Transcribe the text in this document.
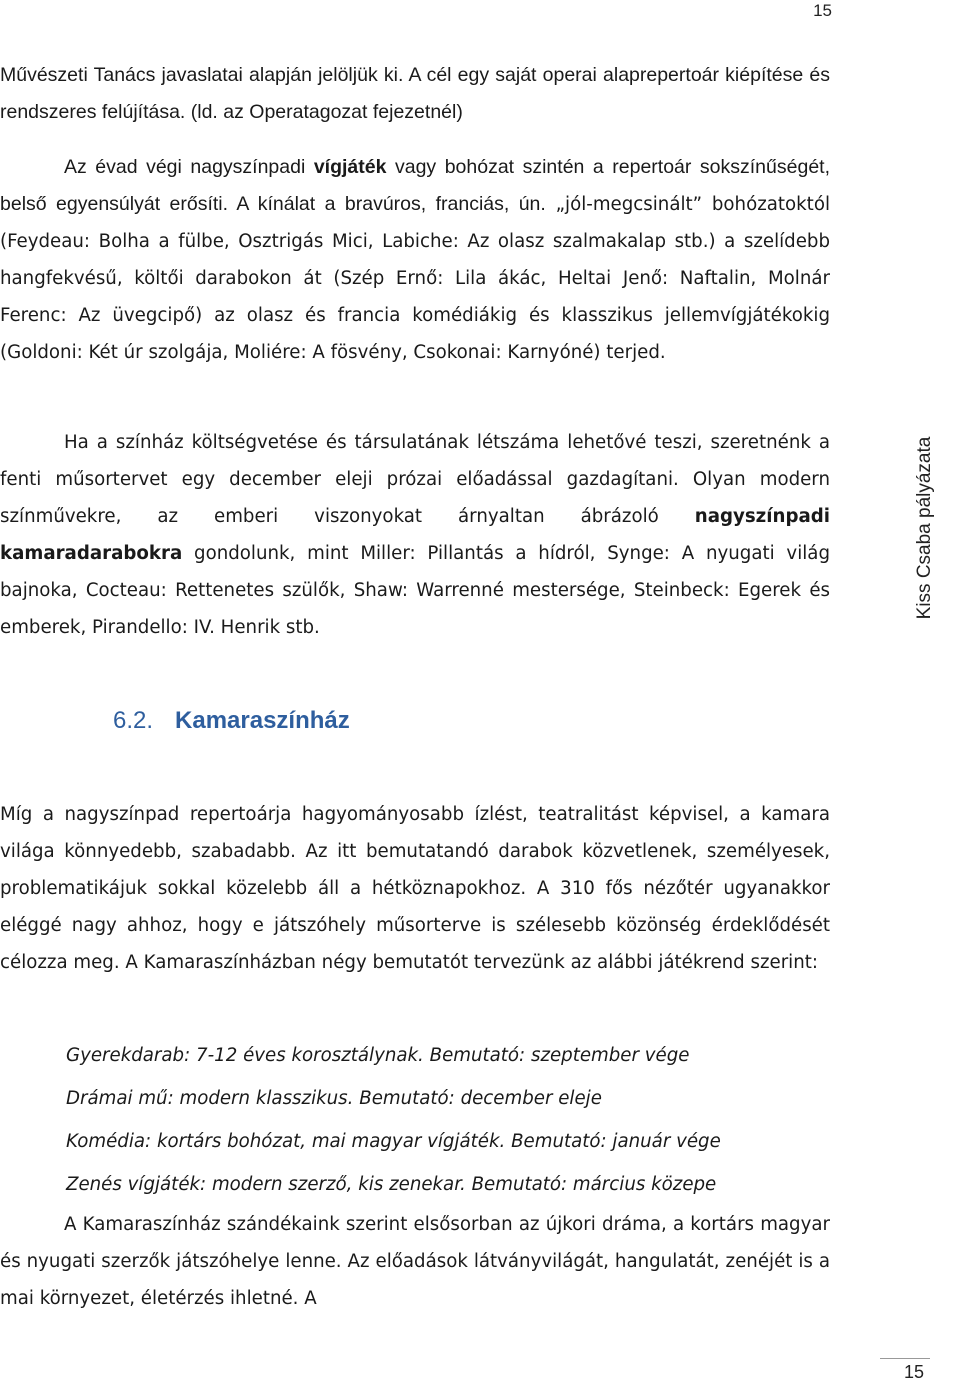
15

Művészeti Tanács javaslatai alapján jelöljük ki. A cél egy saját operai alaprepertoár kiépítése és rendszeres felújítása. (ld. az Operatagozat fejezetnél)

Az évad végi nagyszínpadi vígjáték vagy bohózat szintén a repertoár sokszínűségét, belső egyensúlyát erősíti. A kínálat a bravúros, franciás, ún. „jól-megcsinált” bohózatoktól (Feydeau: Bolha a fülbe, Osztrigás Mici, Labiche: Az olasz szalmakalap stb.) a szelídebb hangfekvésű, költői darabokon át (Szép Ernő: Lila ákác, Heltai Jenő: Naftalin, Molnár Ferenc: Az üvegcipő) az olasz és francia komédiákig és klasszikus jellemvígjátékokig (Goldoni: Két úr szolgája, Moliére: A fösvény, Csokonai: Karnyóné) terjed.

Ha a színház költségvetése és társulatának létszáma lehetővé teszi, szeretnénk a fenti műsortervet egy december eleji prózai előadással gazdagítani. Olyan modern színművekre, az emberi viszonyokat árnyaltan ábrázoló nagyszínpadi kamaradarabokra gondolunk, mint Miller: Pillantás a hídról, Synge: A nyugati világ bajnoka, Cocteau: Rettenetes szülők, Shaw: Warrenné mestersége, Steinbeck: Egerek és emberek, Pirandello: IV. Henrik stb.

Kiss Csaba pályázata
6.2. Kamaraszínház

Míg a nagyszínpad repertoárja hagyományosabb ízlést, teatralitást képvisel, a kamara világa könnyedebb, szabadabb. Az itt bemutatandó darabok közvetlenek, személyesek, problematikájuk sokkal közelebb áll a hétköznapokhoz. A 310 fős nézőtér ugyanakkor eléggé nagy ahhoz, hogy e játszóhely műsorterve is szélesebb közönség érdeklődését célozza meg. A Kamaraszínházban négy bemutatót tervezünk az alábbi játékrend szerint:

Gyerekdarab: 7-12 éves korosztálynak. Bemutató: szeptember vége
Drámai mű: modern klasszikus. Bemutató: december eleje
Komédia: kortárs bohózat, mai magyar vígjáték. Bemutató: január vége
Zenés vígjáték: modern szerző, kis zenekar. Bemutató: március közepe

A Kamaraszínház szándékaink szerint elsősorban az újkori dráma, a kortárs magyar és nyugati szerzők játszóhelye lenne. Az előadások látványvilágát, hangulatát, zenéjét is a mai környezet, életérzés ihletné. A

15
